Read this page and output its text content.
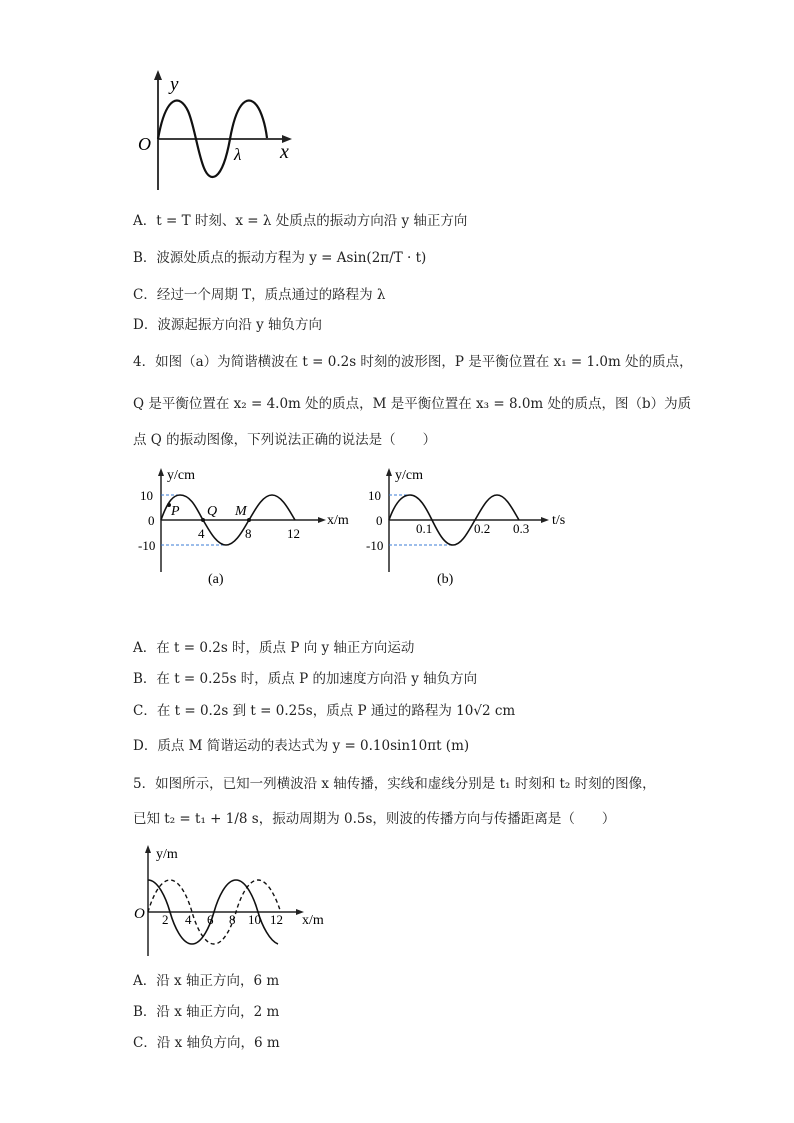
y
O	x
λ
A．t = T 时刻、x = λ 处质点的振动方向沿 y 轴正方向
B．波源处质点的振动方程为 y = Asin(2π/T · t)
C．经过一个周期 T，质点通过的路程为 λ
D．波源起振方向沿 y 轴负方向
4．如图（a）为简谐横波在 t = 0.2s 时刻的波形图，P 是平衡位置在 x₁ = 1.0m 处的质点，
Q 是平衡位置在 x₂ = 4.0m 处的质点，M 是平衡位置在 x₃ = 8.0m 处的质点，图（b）为质
点 Q 的振动图像，下列说法正确的说法是（　　）
y/cm
10
0
-10
P Q M
4	8	12
x/m
(a)
y/cm
10
0
-10
0.1	0.2 0.3
t/s
(b)
A．在 t = 0.2s 时，质点 P 向 y 轴正方向运动
B．在 t = 0.25s 时，质点 P 的加速度方向沿 y 轴负方向
C．在 t = 0.2s 到 t = 0.25s，质点 P 通过的路程为 10√2 cm
D．质点 M 简谐运动的表达式为 y = 0.10sin10πt (m)
5．如图所示，已知一列横波沿 x 轴传播，实线和虚线分别是 t₁ 时刻和 t₂ 时刻的图像，
已知 t₂ = t₁ + 1/8 s，振动周期为 0.5s，则波的传播方向与传播距离是（　　）
y/m
O 2 4 6 8 10 12 x/m
A．沿 x 轴正方向，6 m
B．沿 x 轴正方向，2 m
C．沿 x 轴负方向，6 m
